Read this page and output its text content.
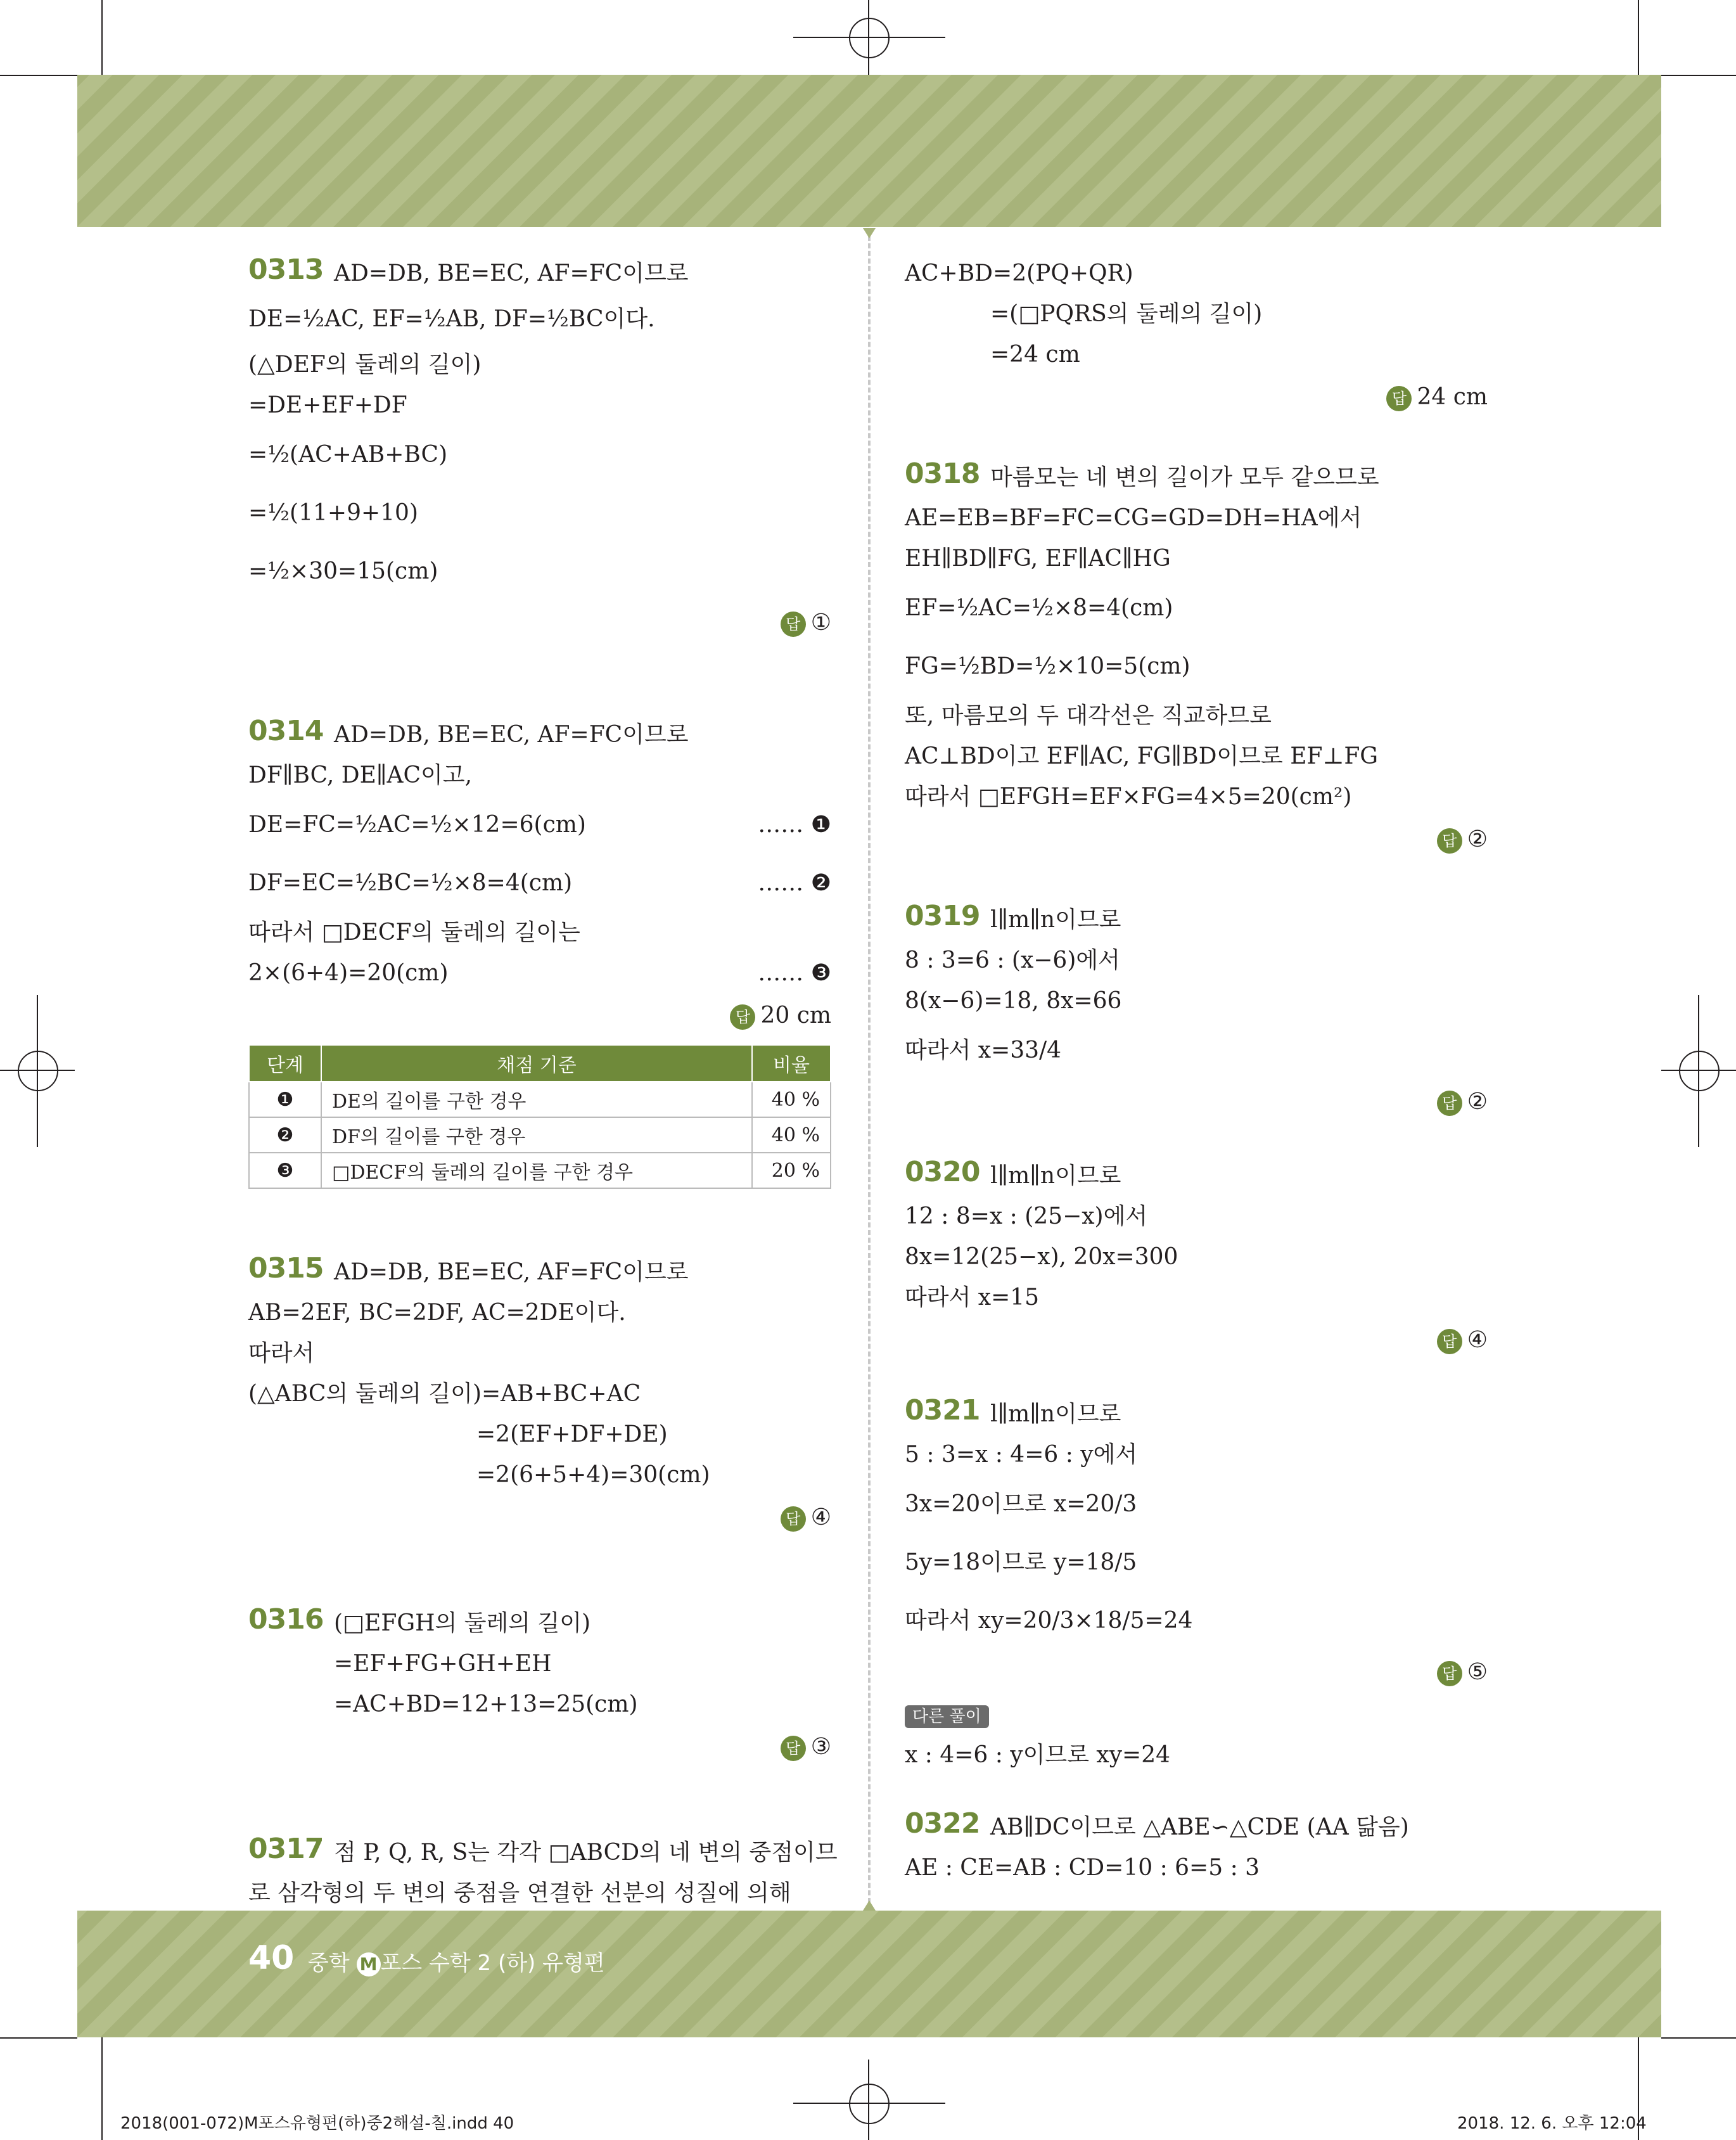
0313 AD=DB, BE=EC, AF=FC이므로
DE=½AC, EF=½AB, DF=½BC이다.
(△DEF의 둘레의 길이)
=DE+EF+DF
=½(AC+AB+BC)
=½(11+9+10)
=½×30=15(cm)
답 ①
0314 AD=DB, BE=EC, AF=FC이므로
DF∥BC, DE∥AC이고,
DE=FC=½AC=½×12=6(cm)	…… ❶
DF=EC=½BC=½×8=4(cm)	…… ❷
따라서 □DECF의 둘레의 길이는
2×(6+4)=20(cm)	…… ❸
답 20 cm
단계	채점 기준	비율
❶	DE의 길이를 구한 경우	40 %
❷	DF의 길이를 구한 경우	40 %
❸	□DECF의 둘레의 길이를 구한 경우	20 %
0315 AD=DB, BE=EC, AF=FC이므로
AB=2EF, BC=2DF, AC=2DE이다.
따라서
(△ABC의 둘레의 길이)=AB+BC+AC
=2(EF+DF+DE)
=2(6+5+4)=30(cm)
답 ④
0316 (□EFGH의 둘레의 길이)
=EF+FG+GH+EH
=AC+BD=12+13=25(cm)
답 ③
0317 점 P, Q, R, S는 각각 □ABCD의 네 변의 중점이므
로 삼각형의 두 변의 중점을 연결한 선분의 성질에 의해
AC+BD=2(PQ+QR)
=(□PQRS의 둘레의 길이)
=24 cm
답 24 cm
0318 마름모는 네 변의 길이가 모두 같으므로
AE=EB=BF=FC=CG=GD=DH=HA에서
EH∥BD∥FG, EF∥AC∥HG
EF=½AC=½×8=4(cm)
FG=½BD=½×10=5(cm)
또, 마름모의 두 대각선은 직교하므로
AC⊥BD이고 EF∥AC, FG∥BD이므로 EF⊥FG
따라서 □EFGH=EF×FG=4×5=20(cm²)
답 ②
0319 l∥m∥n이므로
8 : 3=6 : (x−6)에서
8(x−6)=18, 8x=66
따라서 x=33/4
답 ②
0320 l∥m∥n이므로
12 : 8=x : (25−x)에서
8x=12(25−x), 20x=300
따라서 x=15
답 ④
0321 l∥m∥n이므로
5 : 3=x : 4=6 : y에서
3x=20이므로 x=20/3
5y=18이므로 y=18/5
따라서 xy=20/3×18/5=24
답 ⑤
다른 풀이
x : 4=6 : y이므로 xy=24
0322 AB∥DC이므로 △ABE∽△CDE (AA 닮음)
AE : CE=AB : CD=10 : 6=5 : 3
40 중학 M 포스 수학 2 (하) 유형편
2018(001-072)M포스유형편(하)중2해설-칠.indd 40	2018. 12. 6. 오후 12:04
